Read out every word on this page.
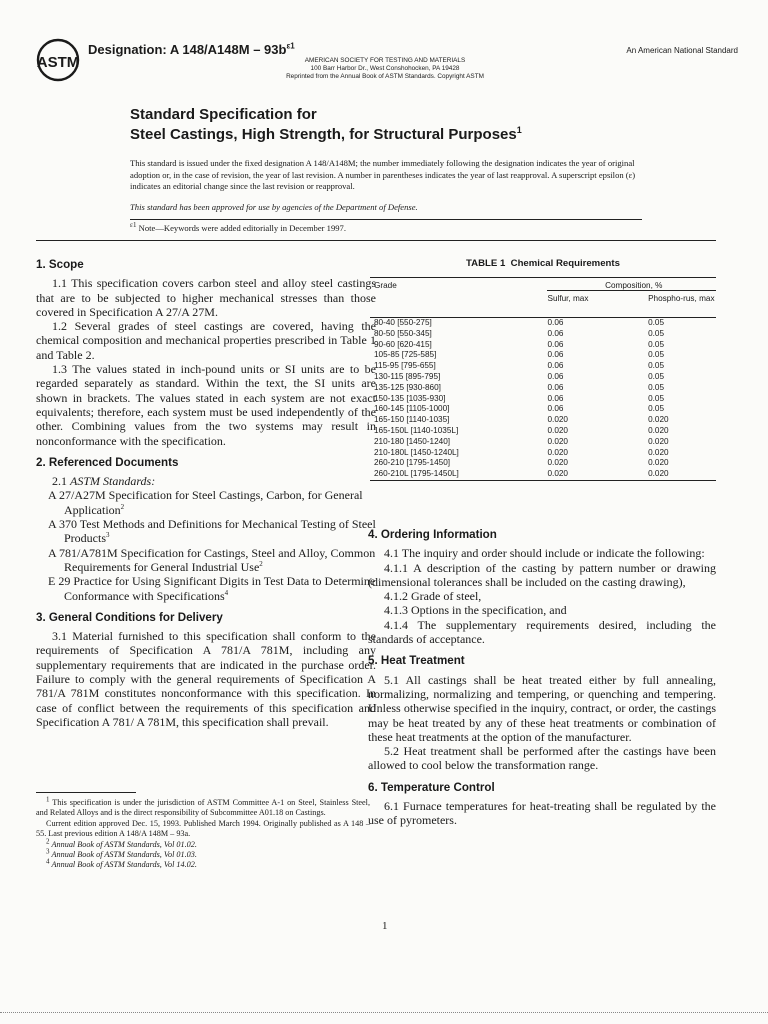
ASTM
Designation: A $148/A148M - 93b^{\varepsilon 1}$	An American National Standard
AMERICAN SOCIETY FOR TESTING AND MATERIALS
100 Barr Harbor Dr., West Conshohocken, PA 19428
Reprinted from the Annual Book of ASTM Standards. Copyright ASTM
Standard Specification for
Steel Castings, High Strength, for Structural Purposes$^1$
This standard is issued under the fixed designation A 148/A148M; the number immediately following the designation indicates the year of original adoption or, in the case of revision, the year of last revision. A number in parentheses indicates the year of last reapproval. A superscript epsilon (ε) indicates an editorial change since the last revision or reapproval.
This standard has been approved for use by agencies of the Department of Defense.
$^{\varepsilon 1}$ Note—Keywords were added editorially in December 1997.
1. Scope

1.1 This specification covers carbon steel and alloy steel castings that are to be subjected to higher mechanical stresses than those covered in Specification A 27/A 27M.

1.2 Several grades of steel castings are covered, having the chemical composition and mechanical properties prescribed in Table 1 and Table 2.

1.3 The values stated in inch-pound units or SI units are to be regarded separately as standard. Within the text, the SI units are shown in brackets. The values stated in each system are not exact equivalents; therefore, each system must be used independently of the other. Combining values from the two systems may result in nonconformance with the specification.

2. Referenced Documents

2.1 ASTM Standards:

A 27/A27M Specification for Steel Castings, Carbon, for General Application$^2$

A 370 Test Methods and Definitions for Mechanical Testing of Steel Products$^3$

A 781/A781M Specification for Castings, Steel and Alloy, Common Requirements for General Industrial Use$^2$

E 29 Practice for Using Significant Digits in Test Data to Determine Conformance with Specifications$^4$

3. General Conditions for Delivery

3.1 Material furnished to this specification shall conform to the requirements of Specification A 781/A 781M, including any supplementary requirements that are indicated in the purchase order. Failure to comply with the general requirements of Specification A 781/A 781M constitutes nonconformance with this specification. In case of conflict between the requirements of this specification and Specification A 781/ A 781M, this specification shall prevail.

$^1$ This specification is under the jurisdiction of ASTM Committee A-1 on Steel, Stainless Steel, and Related Alloys and is the direct responsibility of Subcommittee A01.18 on Castings.

Current edition approved Dec. 15, 1993. Published March 1994. Originally published as A 148 – 55. Last previous edition A 148/A 148M – 93a.

$^2$ Annual Book of ASTM Standards, Vol 01.02.

$^3$ Annual Book of ASTM Standards, Vol 01.03.

$^4$ Annual Book of ASTM Standards, Vol 14.02.

TABLE 1 Chemical Requirements
Grade	Composition, %	
	Sulfur, max	Phospho-rus, max

80-40 [550-275]	0.06	0.05
80-50 [550-345]	0.06	0.05
90-60 [620-415]	0.06	0.05
105-85 [725-585]	0.06	0.05
115-95 [795-655]	0.06	0.05
130-115 [895-795]	0.06	0.05
135-125 [930-860]	0.06	0.05
150-135 [1035-930]	0.06	0.05
160-145 [1105-1000]	0.06	0.05
165-150 [1140-1035]	0.020	0.020
165-150L [1140-1035L]	0.020	0.020
210-180 [1450-1240]	0.020	0.020
210-180L [1450-1240L]	0.020	0.020
260-210 [1795-1450]	0.020	0.020
260-210L [1795-1450L]	0.020	0.020
4. Ordering Information

4.1 The inquiry and order should include or indicate the following:

4.1.1 A description of the casting by pattern number or drawing (dimensional tolerances shall be included on the casting drawing),

4.1.2 Grade of steel,

4.1.3 Options in the specification, and

4.1.4 The supplementary requirements desired, including the standards of acceptance.

5. Heat Treatment

5.1 All castings shall be heat treated either by full annealing, normalizing, normalizing and tempering, or quenching and tempering. Unless otherwise specified in the inquiry, contract, or order, the castings may be heat treated by any of these heat treatments or combination of these heat treatments at the option of the manufacturer.

5.2 Heat treatment shall be performed after the castings have been allowed to cool below the transformation range.

6. Temperature Control

6.1 Furnace temperatures for heat-treating shall be regulated by the use of pyrometers.

1
